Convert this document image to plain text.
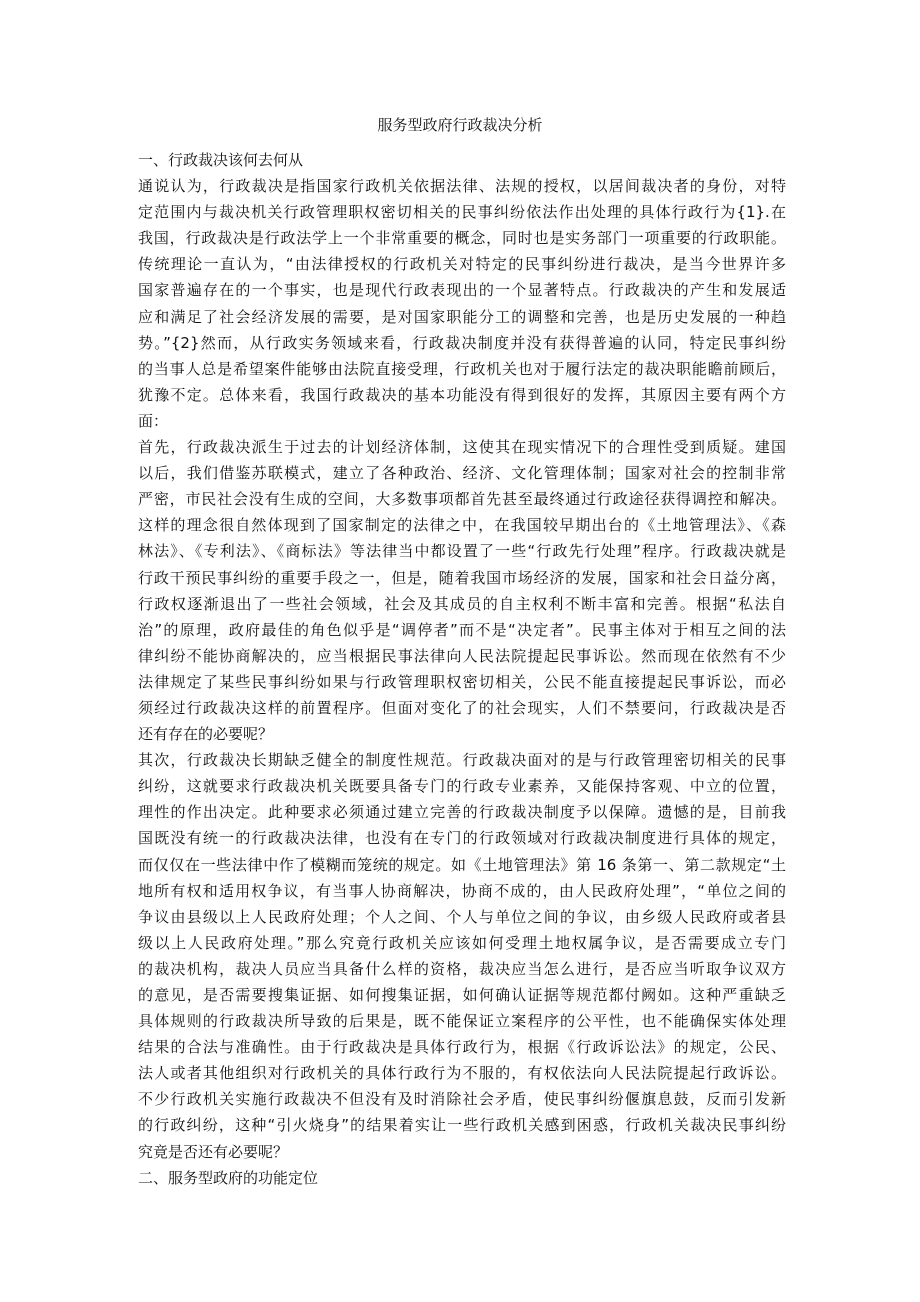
服务型政府行政裁决分析
一、行政裁决该何去何从
通说认为，行政裁决是指国家行政机关依据法律、法规的授权，以居间裁决者的身份，对特
定范围内与裁决机关行政管理职权密切相关的民事纠纷依法作出处理的具体行政行为{1}.在
我国，行政裁决是行政法学上一个非常重要的概念，同时也是实务部门一项重要的行政职能。
传统理论一直认为，“由法律授权的行政机关对特定的民事纠纷进行裁决，是当今世界许多
国家普遍存在的一个事实，也是现代行政表现出的一个显著特点。行政裁决的产生和发展适
应和满足了社会经济发展的需要，是对国家职能分工的调整和完善，也是历史发展的一种趋
势。”{2}然而，从行政实务领域来看，行政裁决制度并没有获得普遍的认同，特定民事纠纷
的当事人总是希望案件能够由法院直接受理，行政机关也对于履行法定的裁决职能瞻前顾后，
犹豫不定。总体来看，我国行政裁决的基本功能没有得到很好的发挥，其原因主要有两个方
面：
首先，行政裁决派生于过去的计划经济体制，这使其在现实情况下的合理性受到质疑。建国
以后，我们借鉴苏联模式，建立了各种政治、经济、文化管理体制；国家对社会的控制非常
严密，市民社会没有生成的空间，大多数事项都首先甚至最终通过行政途径获得调控和解决。
这样的理念很自然体现到了国家制定的法律之中，在我国较早期出台的《土地管理法》、《森
林法》、《专利法》、《商标法》等法律当中都设置了一些“行政先行处理”程序。行政裁决就是
行政干预民事纠纷的重要手段之一，但是，随着我国市场经济的发展，国家和社会日益分离，
行政权逐渐退出了一些社会领域，社会及其成员的自主权利不断丰富和完善。根据“私法自
治”的原理，政府最佳的角色似乎是“调停者”而不是“决定者”。民事主体对于相互之间的法
律纠纷不能协商解决的，应当根据民事法律向人民法院提起民事诉讼。然而现在依然有不少
法律规定了某些民事纠纷如果与行政管理职权密切相关，公民不能直接提起民事诉讼，而必
须经过行政裁决这样的前置程序。但面对变化了的社会现实，人们不禁要问，行政裁决是否
还有存在的必要呢？
其次，行政裁决长期缺乏健全的制度性规范。行政裁决面对的是与行政管理密切相关的民事
纠纷，这就要求行政裁决机关既要具备专门的行政专业素养，又能保持客观、中立的位置，
理性的作出决定。此种要求必须通过建立完善的行政裁决制度予以保障。遗憾的是，目前我
国既没有统一的行政裁决法律，也没有在专门的行政领域对行政裁决制度进行具体的规定，
而仅仅在一些法律中作了模糊而笼统的规定。如《土地管理法》第 16 条第一、第二款规定“土
地所有权和适用权争议，有当事人协商解决，协商不成的，由人民政府处理”，“单位之间的
争议由县级以上人民政府处理；个人之间、个人与单位之间的争议，由乡级人民政府或者县
级以上人民政府处理。”那么究竟行政机关应该如何受理土地权属争议，是否需要成立专门
的裁决机构，裁决人员应当具备什么样的资格，裁决应当怎么进行，是否应当听取争议双方
的意见，是否需要搜集证据、如何搜集证据，如何确认证据等规范都付阙如。这种严重缺乏
具体规则的行政裁决所导致的后果是，既不能保证立案程序的公平性，也不能确保实体处理
结果的合法与准确性。由于行政裁决是具体行政行为，根据《行政诉讼法》的规定，公民、
法人或者其他组织对行政机关的具体行政行为不服的，有权依法向人民法院提起行政诉讼。
不少行政机关实施行政裁决不但没有及时消除社会矛盾，使民事纠纷偃旗息鼓，反而引发新
的行政纠纷，这种“引火烧身”的结果着实让一些行政机关感到困惑，行政机关裁决民事纠纷
究竟是否还有必要呢？
二、服务型政府的功能定位
